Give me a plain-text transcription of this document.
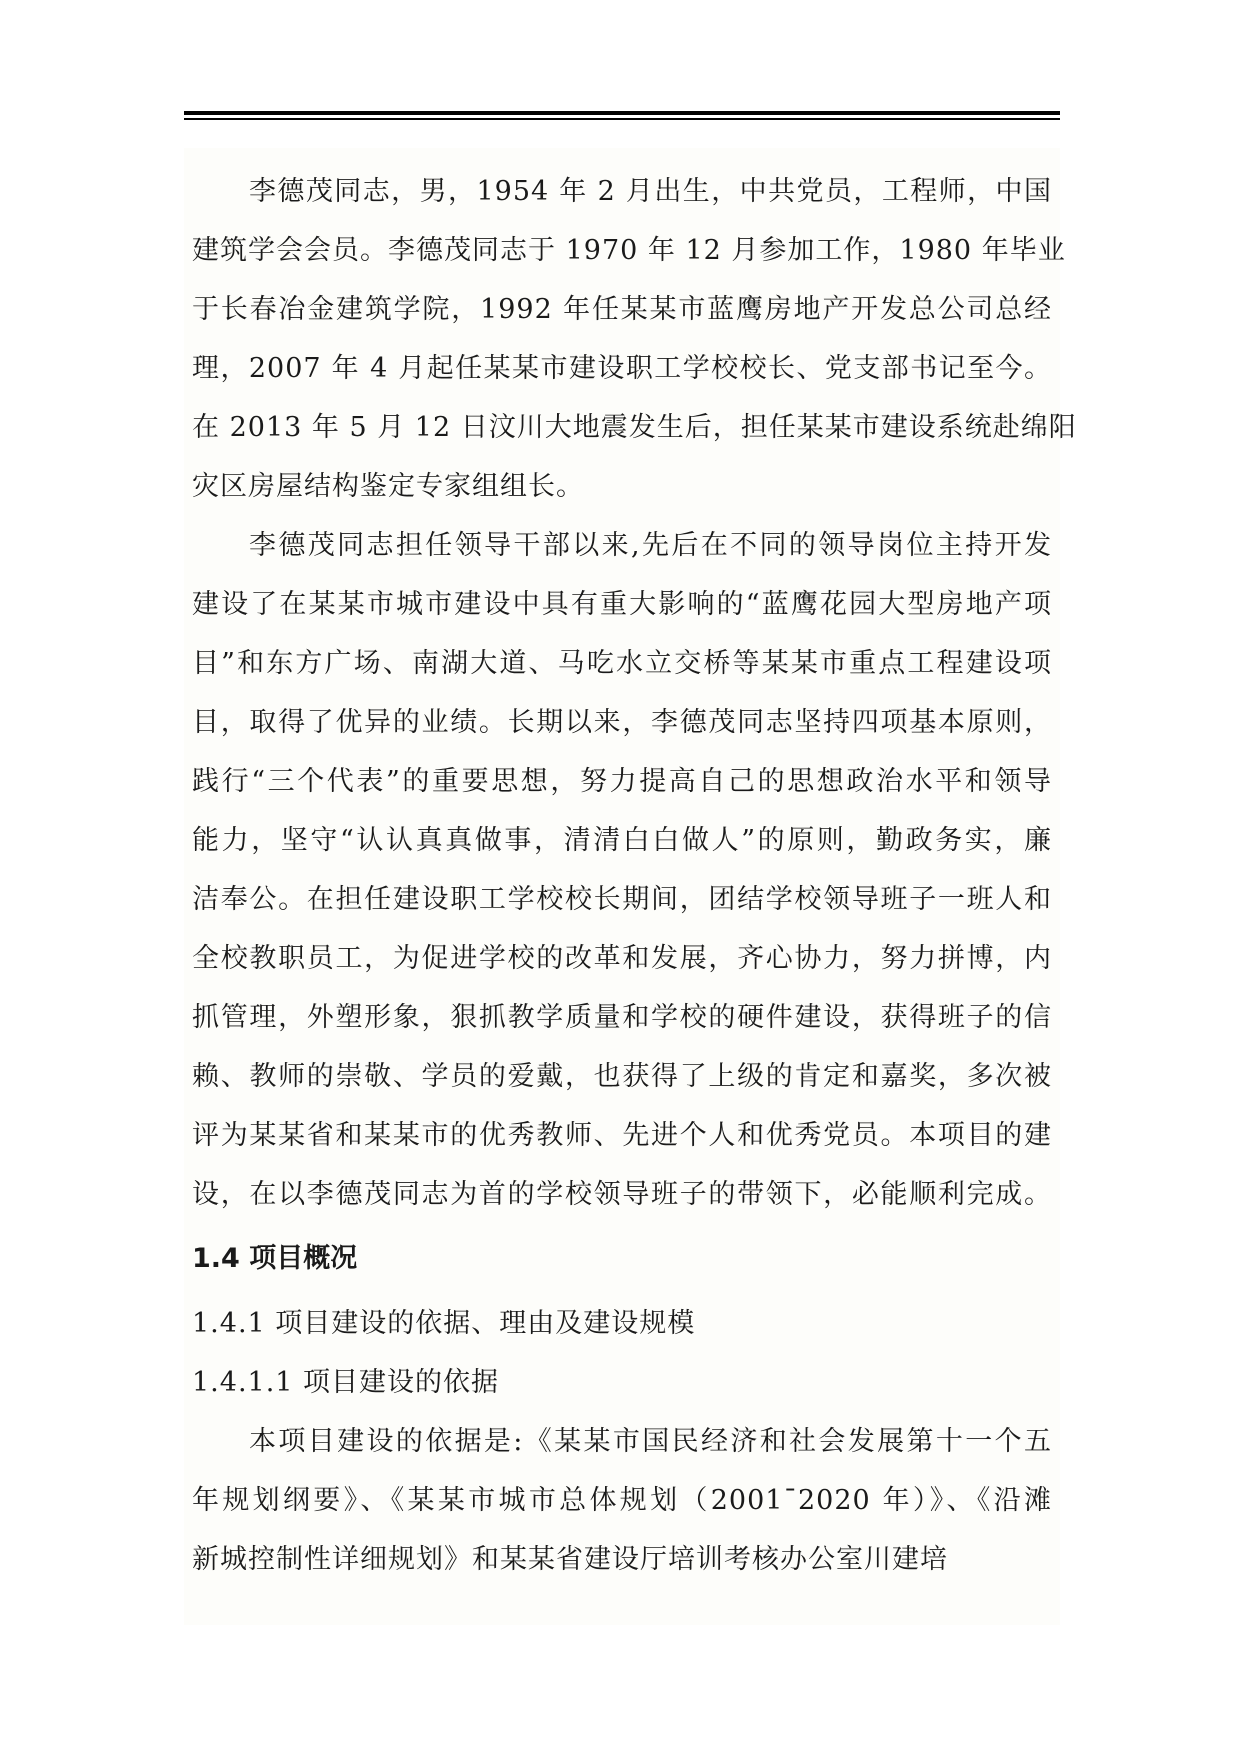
李德茂同志，男，1954 年 2 月出生，中共党员，工程师，中国
建筑学会会员。李德茂同志于 1970 年 12 月参加工作，1980 年毕业
于长春冶金建筑学院，1992 年任某某市蓝鹰房地产开发总公司总经
理，2007 年 4 月起任某某市建设职工学校校长、党支部书记至今。
在 2013 年 5 月 12 日汶川大地震发生后，担任某某市建设系统赴绵阳
灾区房屋结构鉴定专家组组长。
李德茂同志担任领导干部以来,先后在不同的领导岗位主持开发
建设了在某某市城市建设中具有重大影响的“蓝鹰花园大型房地产项
目”和东方广场、南湖大道、马吃水立交桥等某某市重点工程建设项
目，取得了优异的业绩。长期以来，李德茂同志坚持四项基本原则，
践行“三个代表”的重要思想，努力提高自己的思想政治水平和领导
能力，坚守“认认真真做事，清清白白做人”的原则，勤政务实，廉
洁奉公。在担任建设职工学校校长期间，团结学校领导班子一班人和
全校教职员工，为促进学校的改革和发展，齐心协力，努力拼博，内
抓管理，外塑形象，狠抓教学质量和学校的硬件建设，获得班子的信
赖、教师的崇敬、学员的爱戴，也获得了上级的肯定和嘉奖，多次被
评为某某省和某某市的优秀教师、先进个人和优秀党员。本项目的建
设，在以李德茂同志为首的学校领导班子的带领下，必能顺利完成。
1.4 项目概况
1.4.1 项目建设的依据、理由及建设规模
1.4.1.1 项目建设的依据
本项目建设的依据是:《某某市国民经济和社会发展第十一个五
年规划纲要》、《某某市城市总体规划（2001¯2020 年）》、《沿滩
新城控制性详细规划》和某某省建设厅培训考核办公室川建培
